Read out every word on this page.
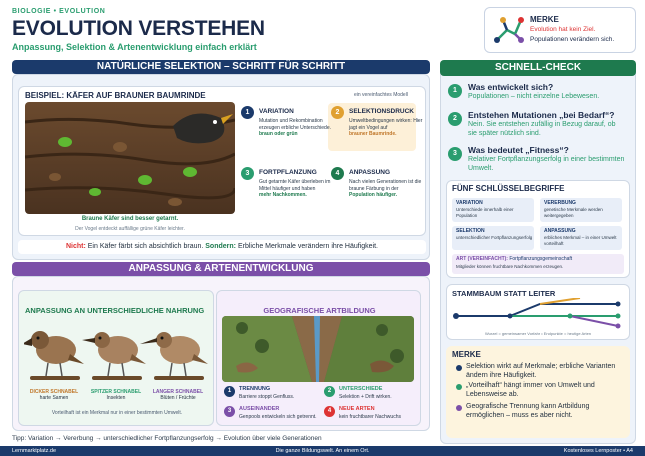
BIOLOGIE • EVOLUTION
EVOLUTION VERSTEHEN
Anpassung, Selektion & Artenentwicklung einfach erklärt
MERKE
Evolution hat kein Ziel.
Populationen verändern sich.
NATÜRLICHE SELEKTION – SCHRITT FÜR SCHRITT
BEISPIEL: KÄFER AUF BRAUNER BAUMRINDE	ein vereinfachtes Modell
Braune Käfer sind besser getarnt.
Der Vogel entdeckt auffällige grüne Käfer leichter.
1	VARIATION
Mutation und Rekombination erzeugen erbliche Unterschiede.
braun oder grün
2	SELEKTIONSDRUCK
Umweltbedingungen wirken: Hier jagt ein Vogel auf
brauner Baumrinde.
3	FORTPFLANZUNG
Gut getarnte Käfer überleben im Mittel häufiger und haben
mehr Nachkommen.
4	ANPASSUNG
Nach vielen Generationen ist die braune Färbung in der
Population häufiger.
Nicht: Ein Käfer färbt sich absichtlich braun. Sondern: Erbliche Merkmale verändern ihre Häufigkeit.
ANPASSUNG & ARTENENTWICKLUNG
ANPASSUNG AN UNTERSCHIEDLICHE NAHRUNG
DICKER SCHNABEL
harte Samen
SPITZER SCHNABEL
Insekten
LANGER SCHNABEL
Blüten / Früchte
Vorteilhaft ist ein Merkmal nur in einer bestimmten Umwelt.
GEOGRAFISCHE ARTBILDUNG
1	TRENNUNG
Barriere stoppt Genfluss.
2	UNTERSCHIEDE
Selektion + Drift wirken.
3	AUSEINANDER
Genpools entwickeln sich getrennt.
4	NEUE ARTEN
kein fruchtbarer Nachwuchs
Tipp: Variation → Vererbung → unterschiedlicher Fortpflanzungserfolg → Evolution über viele Generationen
SCHNELL-CHECK
1	Was entwickelt sich?
Populationen – nicht einzelne Lebewesen.
2	Entstehen Mutationen „bei Bedarf“?
Nein. Sie entstehen zufällig in Bezug darauf, ob sie später nützlich sind.
3	Was bedeutet „Fitness“?
Relativer Fortpflanzungserfolg in einer bestimmten Umwelt.
FÜNF SCHLÜSSELBEGRIFFE
VARIATION
Unterschiede innerhalb einer Population
VERERBUNG
genetische Merkmale werden weitergegeben
SELEKTION
unterschiedlicher Fortpflanzungserfolg
ANPASSUNG
erbliches Merkmal – in einer Umwelt vorteilhaft
ART (VEREINFACHT): Fortpflanzungsgemeinschaft
Mitglieder können fruchtbare Nachkommen erzeugen.
STAMMBAUM STATT LEITER
Wurzel = gemeinsamer Vorfahr • Endpunkte = heutige Arten
MERKE
Selektion wirkt auf Merkmale; erbliche Varianten ändern ihre Häufigkeit.
„Vorteilhaft“ hängt immer von Umwelt und Lebensweise ab.
Geografische Trennung kann Artbildung ermöglichen – muss es aber nicht.
Die ganze Bildungswelt. An einem Ort.
Lernmarktplatz.de	Kostenloses Lernposter • A4
